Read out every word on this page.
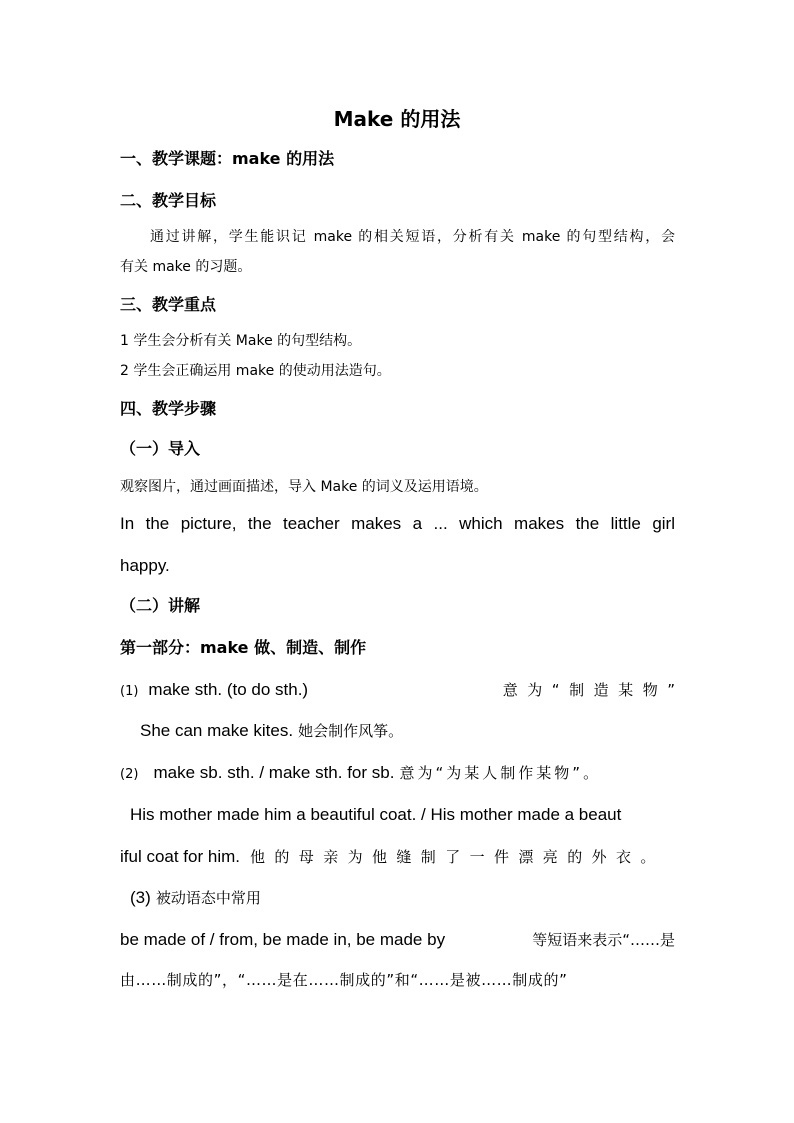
Make 的用法
一、教学课题：make 的用法
二、教学目标
通过讲解，学生能识记 make 的相关短语，分析有关 make 的句型结构，会
有关 make 的习题。
三、教学重点
1 学生会分析有关 Make 的句型结构。
2 学生会正确运用 make 的使动用法造句。
四、教学步骤
（一）导入
观察图片，通过画面描述，导入 Make 的词义及运用语境。
In the picture, the teacher makes a ... which makes the little girl
happy.
（二）讲解
第一部分：make 做、制造、制作
(1) make sth. (to do sth.)	意  为  “  制  造  某  物  ”
She can make kites. 她会制作风筝。
(2) make sb. sth. / make sth. for sb. 意为“为某人制作某物”。
His mother made him a beautiful coat. / His mother made a beaut
iful coat for him. 他的母亲为他缝制了一件漂亮的外衣。
(3) 被动语态中常用
be made of / from, be made in, be made by	等短语来表示“……是
由……制成的”，“……是在……制成的”和“……是被……制成的”
